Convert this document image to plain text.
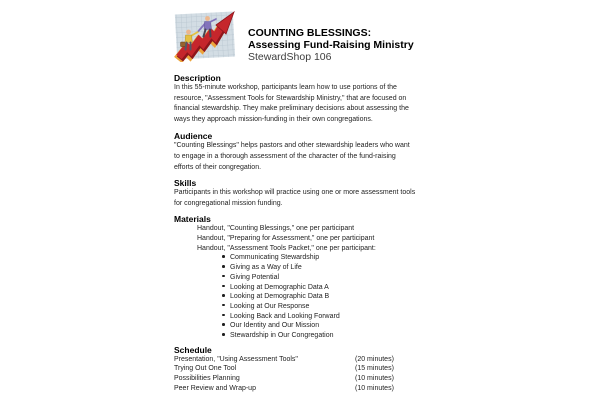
COUNTING BLESSINGS:
Assessing Fund-Raising Ministry
StewardShop 106
Description
In this 55-minute workshop, participants learn how to use portions of the
resource, "Assessment Tools for Stewardship Ministry," that are focused on
financial stewardship. They make preliminary decisions about assessing the
ways they approach mission-funding in their own congregations.
Audience
"Counting Blessings" helps pastors and other stewardship leaders who want
to engage in a thorough assessment of the character of the fund-raising
efforts of their congregation.
Skills
Participants in this workshop will practice using one or more assessment tools
for congregational mission funding.
Materials
Handout, "Counting Blessings," one per participant
Handout, "Preparing for Assessment," one per participant
Handout, "Assessment Tools Packet," one per participant:
Communicating Stewardship
Giving as a Way of Life
Giving Potential
Looking at Demographic Data A
Looking at Demographic Data B
Looking at Our Response
Looking Back and Looking Forward
Our Identity and Our Mission
Stewardship in Our Congregation
Schedule
Presentation, "Using Assessment Tools"	(20 minutes)
Trying Out One Tool	(15 minutes)
Possibilities Planning	(10 minutes)
Peer Review and Wrap-up	(10 minutes)
